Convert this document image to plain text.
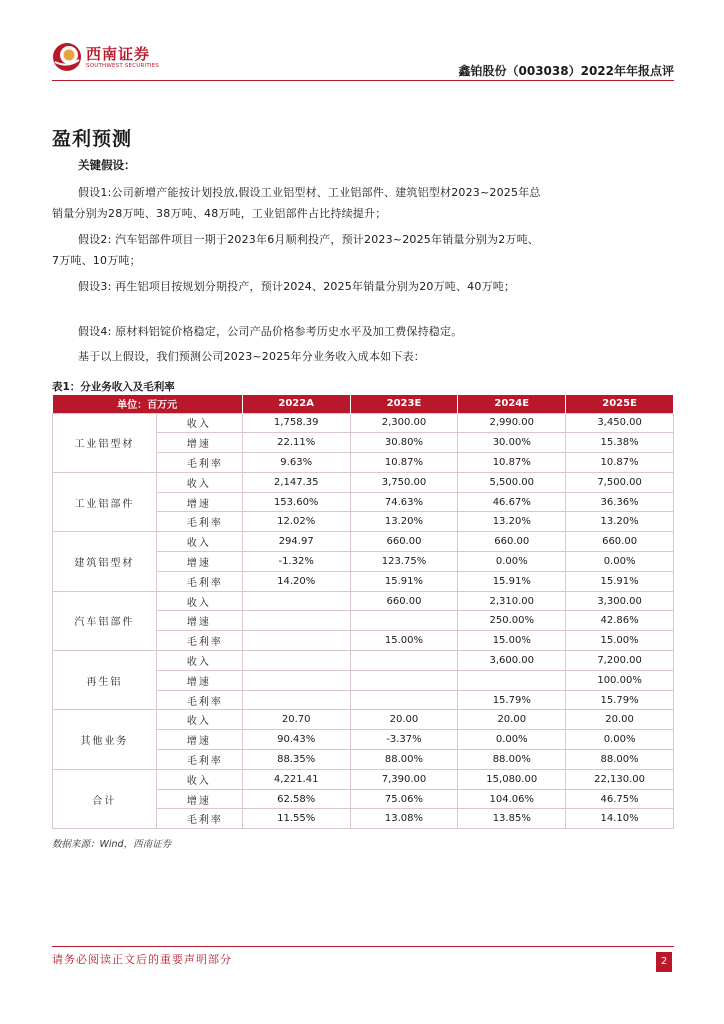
西南证券
SOUTHWEST SECURITIES	鑫铂股份（003038）2022年年报点评
盈利预测
关键假设：

假设1:公司新增产能按计划投放,假设工业铝型材、工业铝部件、建筑铝型材2023~2025年总销量分别为28万吨、38万吨、48万吨，工业铝部件占比持续提升；

假设2: 汽车铝部件项目一期于2023年6月顺利投产，预计2023~2025年销量分别为2万吨、7万吨、10万吨；

假设3: 再生铝项目按规划分期投产，预计2024、2025年销量分别为20万吨、40万吨；

假设4: 原材料铝锭价格稳定，公司产品价格参考历史水平及加工费保持稳定。

基于以上假设，我们预测公司2023~2025年分业务收入成本如下表：

表1：分业务收入及毛利率
单位：百万元		2022A	2023E	2024E	2025E
工业铝型材	收入	1,758.39	2,300.00	2,990.00	3,450.00
	增速	22.11%	30.80%	30.00%	15.38%
	毛利率	9.63%	10.87%	10.87%	10.87%
工业铝部件	收入	2,147.35	3,750.00	5,500.00	7,500.00
	增速	153.60%	74.63%	46.67%	36.36%
	毛利率	12.02%	13.20%	13.20%	13.20%
建筑铝型材	收入	294.97	660.00	660.00	660.00
	增速	-1.32%	123.75%	0.00%	0.00%
	毛利率	14.20%	15.91%	15.91%	15.91%
汽车铝部件	收入		660.00	2,310.00	3,300.00
	增速			250.00%	42.86%
	毛利率		15.00%	15.00%	15.00%
再生铝	收入			3,600.00	7,200.00
	增速				100.00%
	毛利率			15.79%	15.79%
其他业务	收入	20.70	20.00	20.00	20.00
	增速	90.43%	-3.37%	0.00%	0.00%
	毛利率	88.35%	88.00%	88.00%	88.00%
合计	收入	4,221.41	7,390.00	15,080.00	22,130.00
	增速	62.58%	75.06%	104.06%	46.75%
	毛利率	11.55%	13.08%	13.85%	14.10%
数据来源：Wind，西南证券
请务必阅读正文后的重要声明部分	2
